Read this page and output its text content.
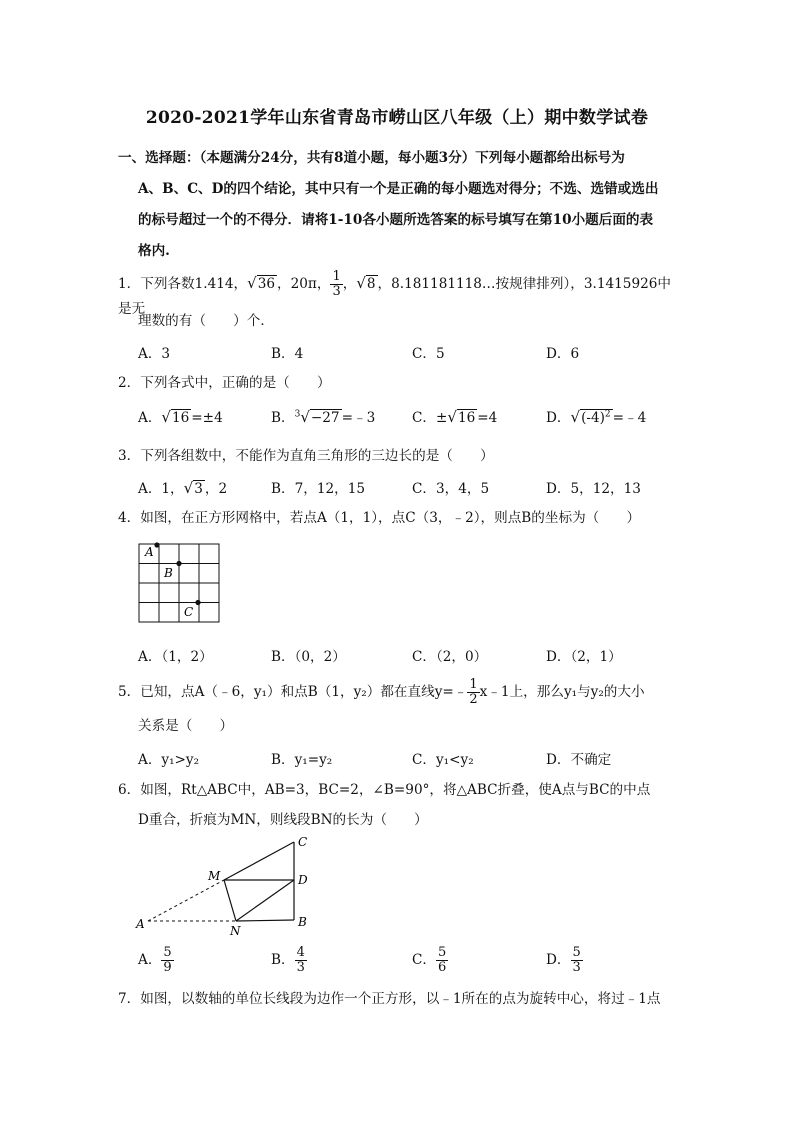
2020-2021学年山东省青岛市崂山区八年级（上）期中数学试卷
一、选择题：（本题满分24分，共有8道小题，每小题3分）下列每小题都给出标号为
A、B、C、D的四个结论，其中只有一个是正确的每小题选对得分；不选、选错或选出
的标号超过一个的不得分．请将1-10各小题所选答案的标号填写在第10小题后面的表
格内.
1．下列各数1.414，√36 ，20π， $\frac{1}{3}$ ，√8 ，8.181181118…按规律排列），3.1415926中是无
理数的有（　　）个．
A．3	B．4	C．5	D．6
2．下列各式中，正确的是（　　）
A．√16 =±4	B．$^3$√−27 =﹣3	C．±√16 =4	D．$√(-4)^2$ =﹣4
3．下列各组数中，不能作为直角三角形的三边长的是（　　）
A．1，√3 ，2	B．7，12，15	C．3，4，5	D．5，12，13
4．如图，在正方形网格中，若点A（1，1），点C（3，﹣2），则点B的坐标为（　　）
A
B
C
A．（1，2）	B．（0，2）	C．（2，0）	D．（2，1）
5．已知，点A（﹣6，y₁）和点B（1，y₂）都在直线y=﹣ $\frac{1}{2}$ x﹣1上，那么y₁与y₂的大小
关系是（　　）
A．y₁>y₂	B．y₁=y₂	C．y₁<y₂	D．不确定
6．如图，Rt△ABC中，AB=3，BC=2，∠B=90°，将△ABC折叠，使A点与BC的中点
D重合，折痕为MN，则线段BN的长为（　　）
C
M	D
A	N
B
A． $\frac{5}{9}$	B． $\frac{4}{3}$	C． $\frac{5}{6}$	D． $\frac{5}{3}$
7．如图，以数轴的单位长线段为边作一个正方形，以﹣1所在的点为旋转中心，将过﹣1点
